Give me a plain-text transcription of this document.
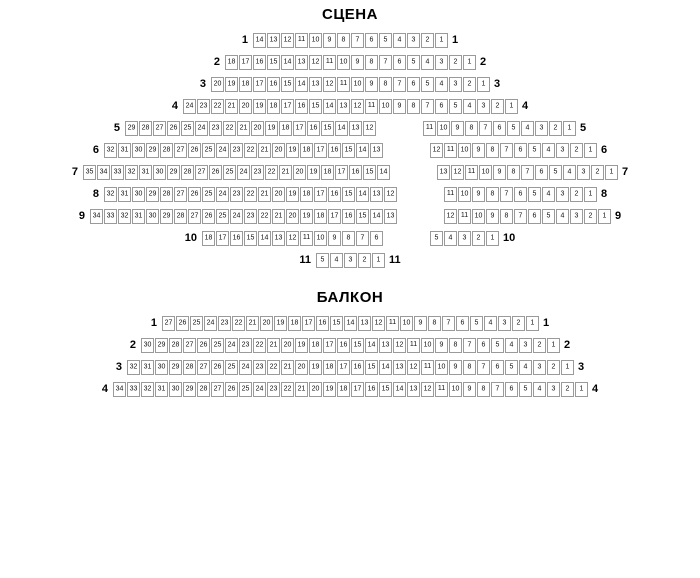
СЦЕНА
1	14 13 12 11 10 9 8 7 6 5 4 3 2 1 1
2	18 17 16 15 14 13 12 11 10 9 8 7 6 5 4 3 2 1 2
3	20 19 18 17 16 15 14 13 12 11 10 9 8 7 6 5 4 3 2 1 3
4	24 23 22 21 20 19 18 17 16 15 14 13 12 11 10 9 8 7 6 5 4 3 2 1 4
5	29 28 27 26 25 24 23 22 21 20 19 18 17 16 15 14 13 12	11 10 9 8 7 6 5 4 3 2 1 5
6	32 31 30 29 28 27 26 25 24 23 22 21 20 19 18 17 16 15 14 13	12 11 10 9 8 7 6 5 4 3 2 1 6
7	35 34 33 32 31 30 29 28 27 26 25 24 23 22 21 20 19 18 17 16 15 14	13 12 11 10 9 8 7 6 5 4 3 2 1 7
8	32 31 30 29 28 27 26 25 24 23 22 21 20 19 18 17 16 15 14 13 12	11 10 9 8 7 6 5 4 3 2 1 8
9	34 33 32 31 30 29 28 27 26 25 24 23 22 21 20 19 18 17 16 15 14 13	12 11 10 9 8 7 6 5 4 3 2 1 9
10	18 17 16 15 14 13 12 11 10 9 8 7 6	5 4 3 2 1 10
11	5 4 3 2 1 11
БАЛКОН
1	27 26 25 24 23 22 21 20 19 18 17 16 15 14 13 12 11 10 9 8 7 6 5 4 3 2 1 1
2	30 29 28 27 26 25 24 23 22 21 20 19 18 17 16 15 14 13 12 11 10 9 8 7 6 5 4 3 2 1 2
3	32 31 30 29 28 27 26 25 24 23 22 21 20 19 18 17 16 15 14 13 12 11 10 9 8 7 6 5 4 3 2 1 3
4	34 33 32 31 30 29 28 27 26 25 24 23 22 21 20 19 18 17 16 15 14 13 12 11 10 9 8 7 6 5 4 3 2 1 4
